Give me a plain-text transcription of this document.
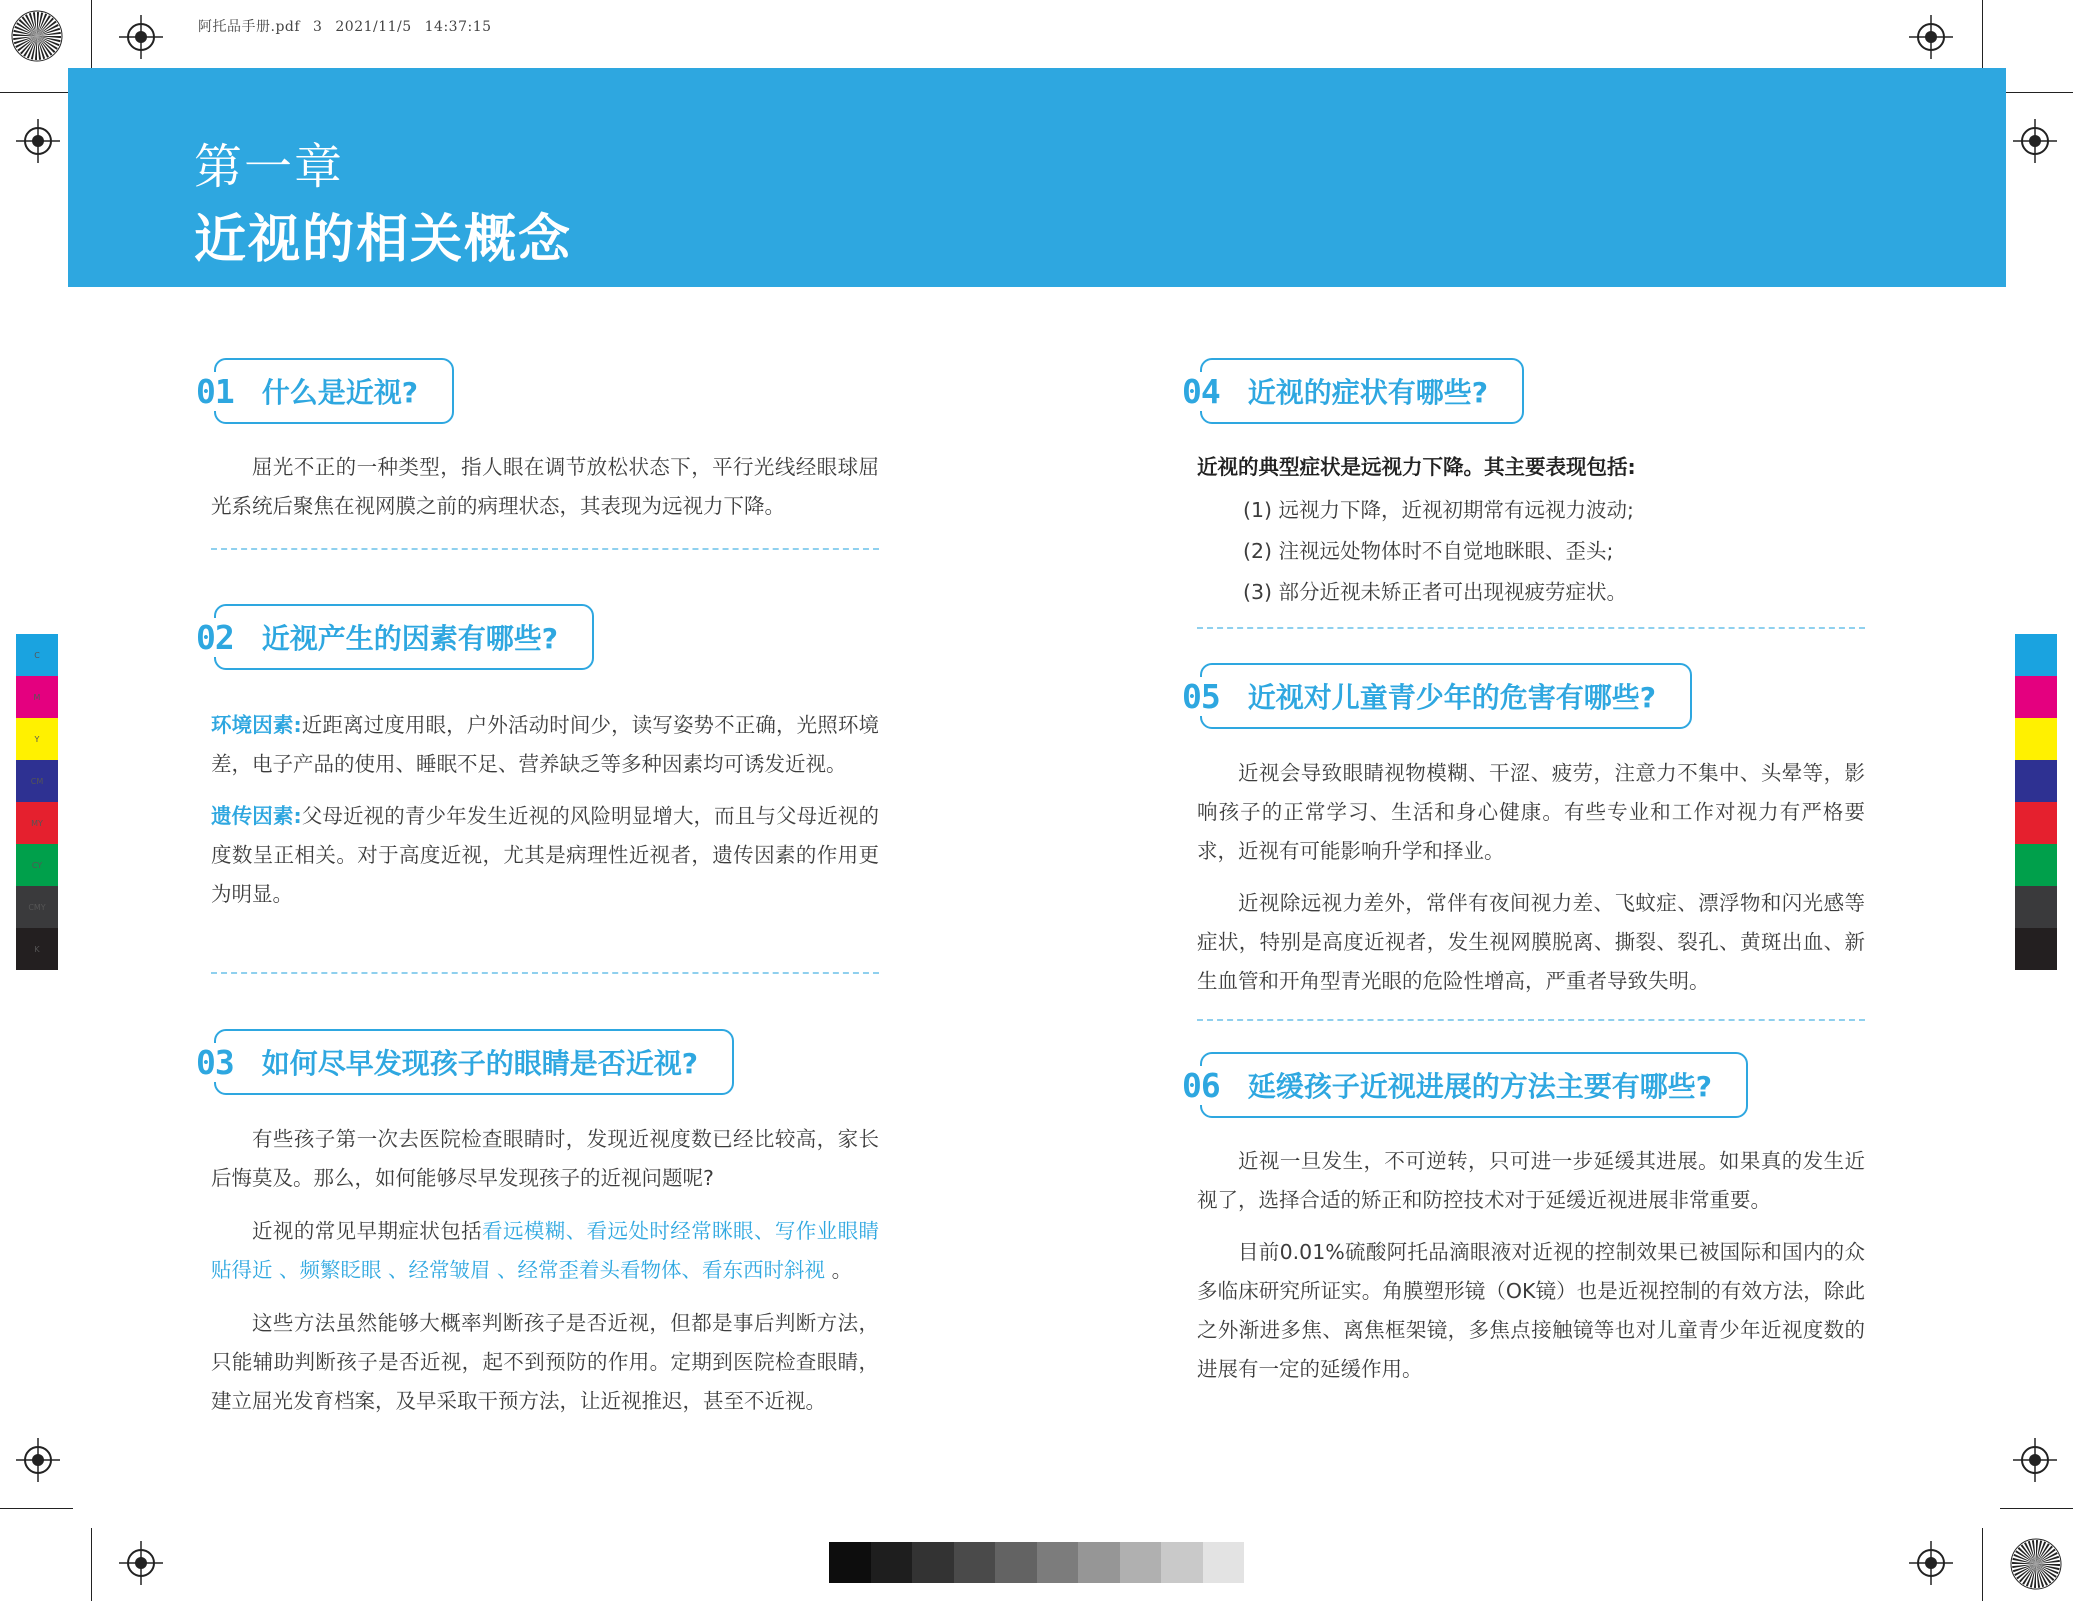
阿托品手册.pdf 3 2021/11/5 14:37:15
第一章
近视的相关概念
C
M
Y
CM
MY
CY
CMY
K
01	什么是近视?
屈光不正的一种类型，指人眼在调节放松状态下，平行光线经眼球屈光系统后聚焦在视网膜之前的病理状态，其表现为远视力下降。
02	近视产生的因素有哪些?
环境因素:近距离过度用眼，户外活动时间少，读写姿势不正确，光照环境差，电子产品的使用、睡眠不足、营养缺乏等多种因素均可诱发近视。
遗传因素:父母近视的青少年发生近视的风险明显增大，而且与父母近视的度数呈正相关。对于高度近视，尤其是病理性近视者，遗传因素的作用更为明显。
03	如何尽早发现孩子的眼睛是否近视?
有些孩子第一次去医院检查眼睛时，发现近视度数已经比较高，家长后悔莫及。那么，如何能够尽早发现孩子的近视问题呢?
近视的常见早期症状包括看远模糊、看远处时经常眯眼、写作业眼睛贴得近 、频繁眨眼 、经常皱眉 、经常歪着头看物体、看东西时斜视 。
这些方法虽然能够大概率判断孩子是否近视，但都是事后判断方法，只能辅助判断孩子是否近视，起不到预防的作用。定期到医院检查眼睛，建立屈光发育档案，及早采取干预方法，让近视推迟，甚至不近视。
04	近视的症状有哪些?
近视的典型症状是远视力下降。其主要表现包括:
(1) 远视力下降，近视初期常有远视力波动;
(2) 注视远处物体时不自觉地眯眼、歪头;
(3) 部分近视未矫正者可出现视疲劳症状。
05	近视对儿童青少年的危害有哪些?
近视会导致眼睛视物模糊、干涩、疲劳，注意力不集中、头晕等，影响孩子的正常学习、生活和身心健康。有些专业和工作对视力有严格要求，近视有可能影响升学和择业。
近视除远视力差外，常伴有夜间视力差、飞蚊症、漂浮物和闪光感等症状，特别是高度近视者，发生视网膜脱离、撕裂、裂孔、黄斑出血、新生血管和开角型青光眼的危险性增高，严重者导致失明。
06	延缓孩子近视进展的方法主要有哪些?
近视一旦发生，不可逆转，只可进一步延缓其进展。如果真的发生近视了，选择合适的矫正和防控技术对于延缓近视进展非常重要。
目前0.01%硫酸阿托品滴眼液对近视的控制效果已被国际和国内的众多临床研究所证实。角膜塑形镜（OK镜）也是近视控制的有效方法，除此之外渐进多焦、离焦框架镜，多焦点接触镜等也对儿童青少年近视度数的进展有一定的延缓作用。
